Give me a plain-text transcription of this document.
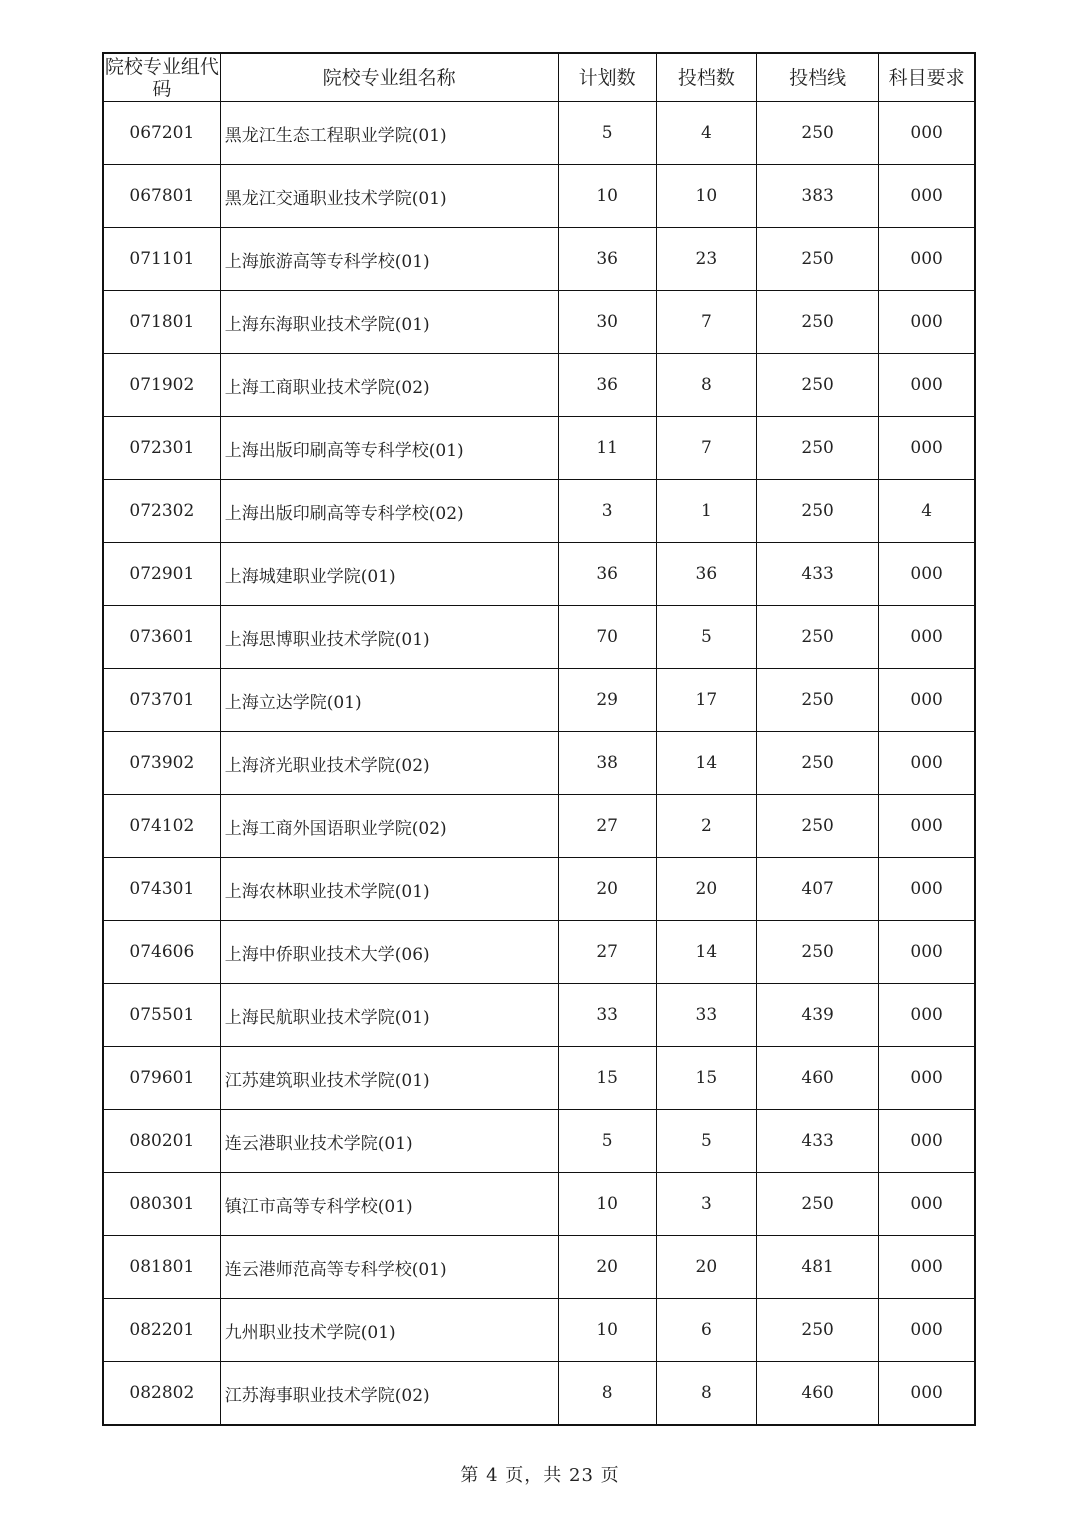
院校专业组代码	院校专业组名称	计划数	投档数	投档线	科目要求
067201	黑龙江生态工程职业学院(01)	5	4	250	000
067801	黑龙江交通职业技术学院(01)	10	10	383	000
071101	上海旅游高等专科学校(01)	36	23	250	000
071801	上海东海职业技术学院(01)	30	7	250	000
071902	上海工商职业技术学院(02)	36	8	250	000
072301	上海出版印刷高等专科学校(01)	11	7	250	000
072302	上海出版印刷高等专科学校(02)	3	1	250	4
072901	上海城建职业学院(01)	36	36	433	000
073601	上海思博职业技术学院(01)	70	5	250	000
073701	上海立达学院(01)	29	17	250	000
073902	上海济光职业技术学院(02)	38	14	250	000
074102	上海工商外国语职业学院(02)	27	2	250	000
074301	上海农林职业技术学院(01)	20	20	407	000
074606	上海中侨职业技术大学(06)	27	14	250	000
075501	上海民航职业技术学院(01)	33	33	439	000
079601	江苏建筑职业技术学院(01)	15	15	460	000
080201	连云港职业技术学院(01)	5	5	433	000
080301	镇江市高等专科学校(01)	10	3	250	000
081801	连云港师范高等专科学校(01)	20	20	481	000
082201	九州职业技术学院(01)	10	6	250	000
082802	江苏海事职业技术学院(02)	8	8	460	000
第 4 页，共 23 页
